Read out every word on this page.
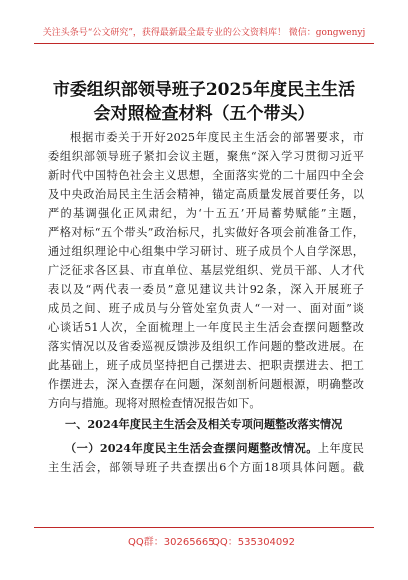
关注头条号“公文研究”，获得最新最全最专业的公文资料库！ 微信：gongwenyj
市委组织部领导班子2025年度民主生活
会对照检查材料（五个带头）
根据市委关于开好2025年度民主生活会的部署要求，市
委组织部领导班子紧扣会议主题，聚焦“深入学习贯彻习近平
新时代中国特色社会主义思想，全面落实党的二十届四中全会
及中央政治局民主生活会精神，锚定高质量发展首要任务，以
严的基调强化正风肃纪，为‘十五五’开局蓄势赋能”主题，
严格对标“五个带头”政治标尺，扎实做好各项会前准备工作，
通过组织理论中心组集中学习研讨、班子成员个人自学深思，
广泛征求各区县、市直单位、基层党组织、党员干部、人才代
表以及“两代表一委员”意见建议共计92条，深入开展班子
成员之间、班子成员与分管处室负责人“一对一、面对面”谈
心谈话51人次，全面梳理上一年度民主生活会查摆问题整改
落实情况以及省委巡视反馈涉及组织工作问题的整改进展。在
此基础上，班子成员坚持把自己摆进去、把职责摆进去、把工
作摆进去，深入查摆存在问题，深刻剖析问题根源，明确整改
方向与措施。现将对照检查情况报告如下。
一、2024年度民主生活会及相关专项问题整改落实情况
（一）2024年度民主生活会查摆问题整改情况。上年度民
主生活会，部领导班子共查摆出6个方面18项具体问题。截
QQ群：30265665
QQ：535304092
